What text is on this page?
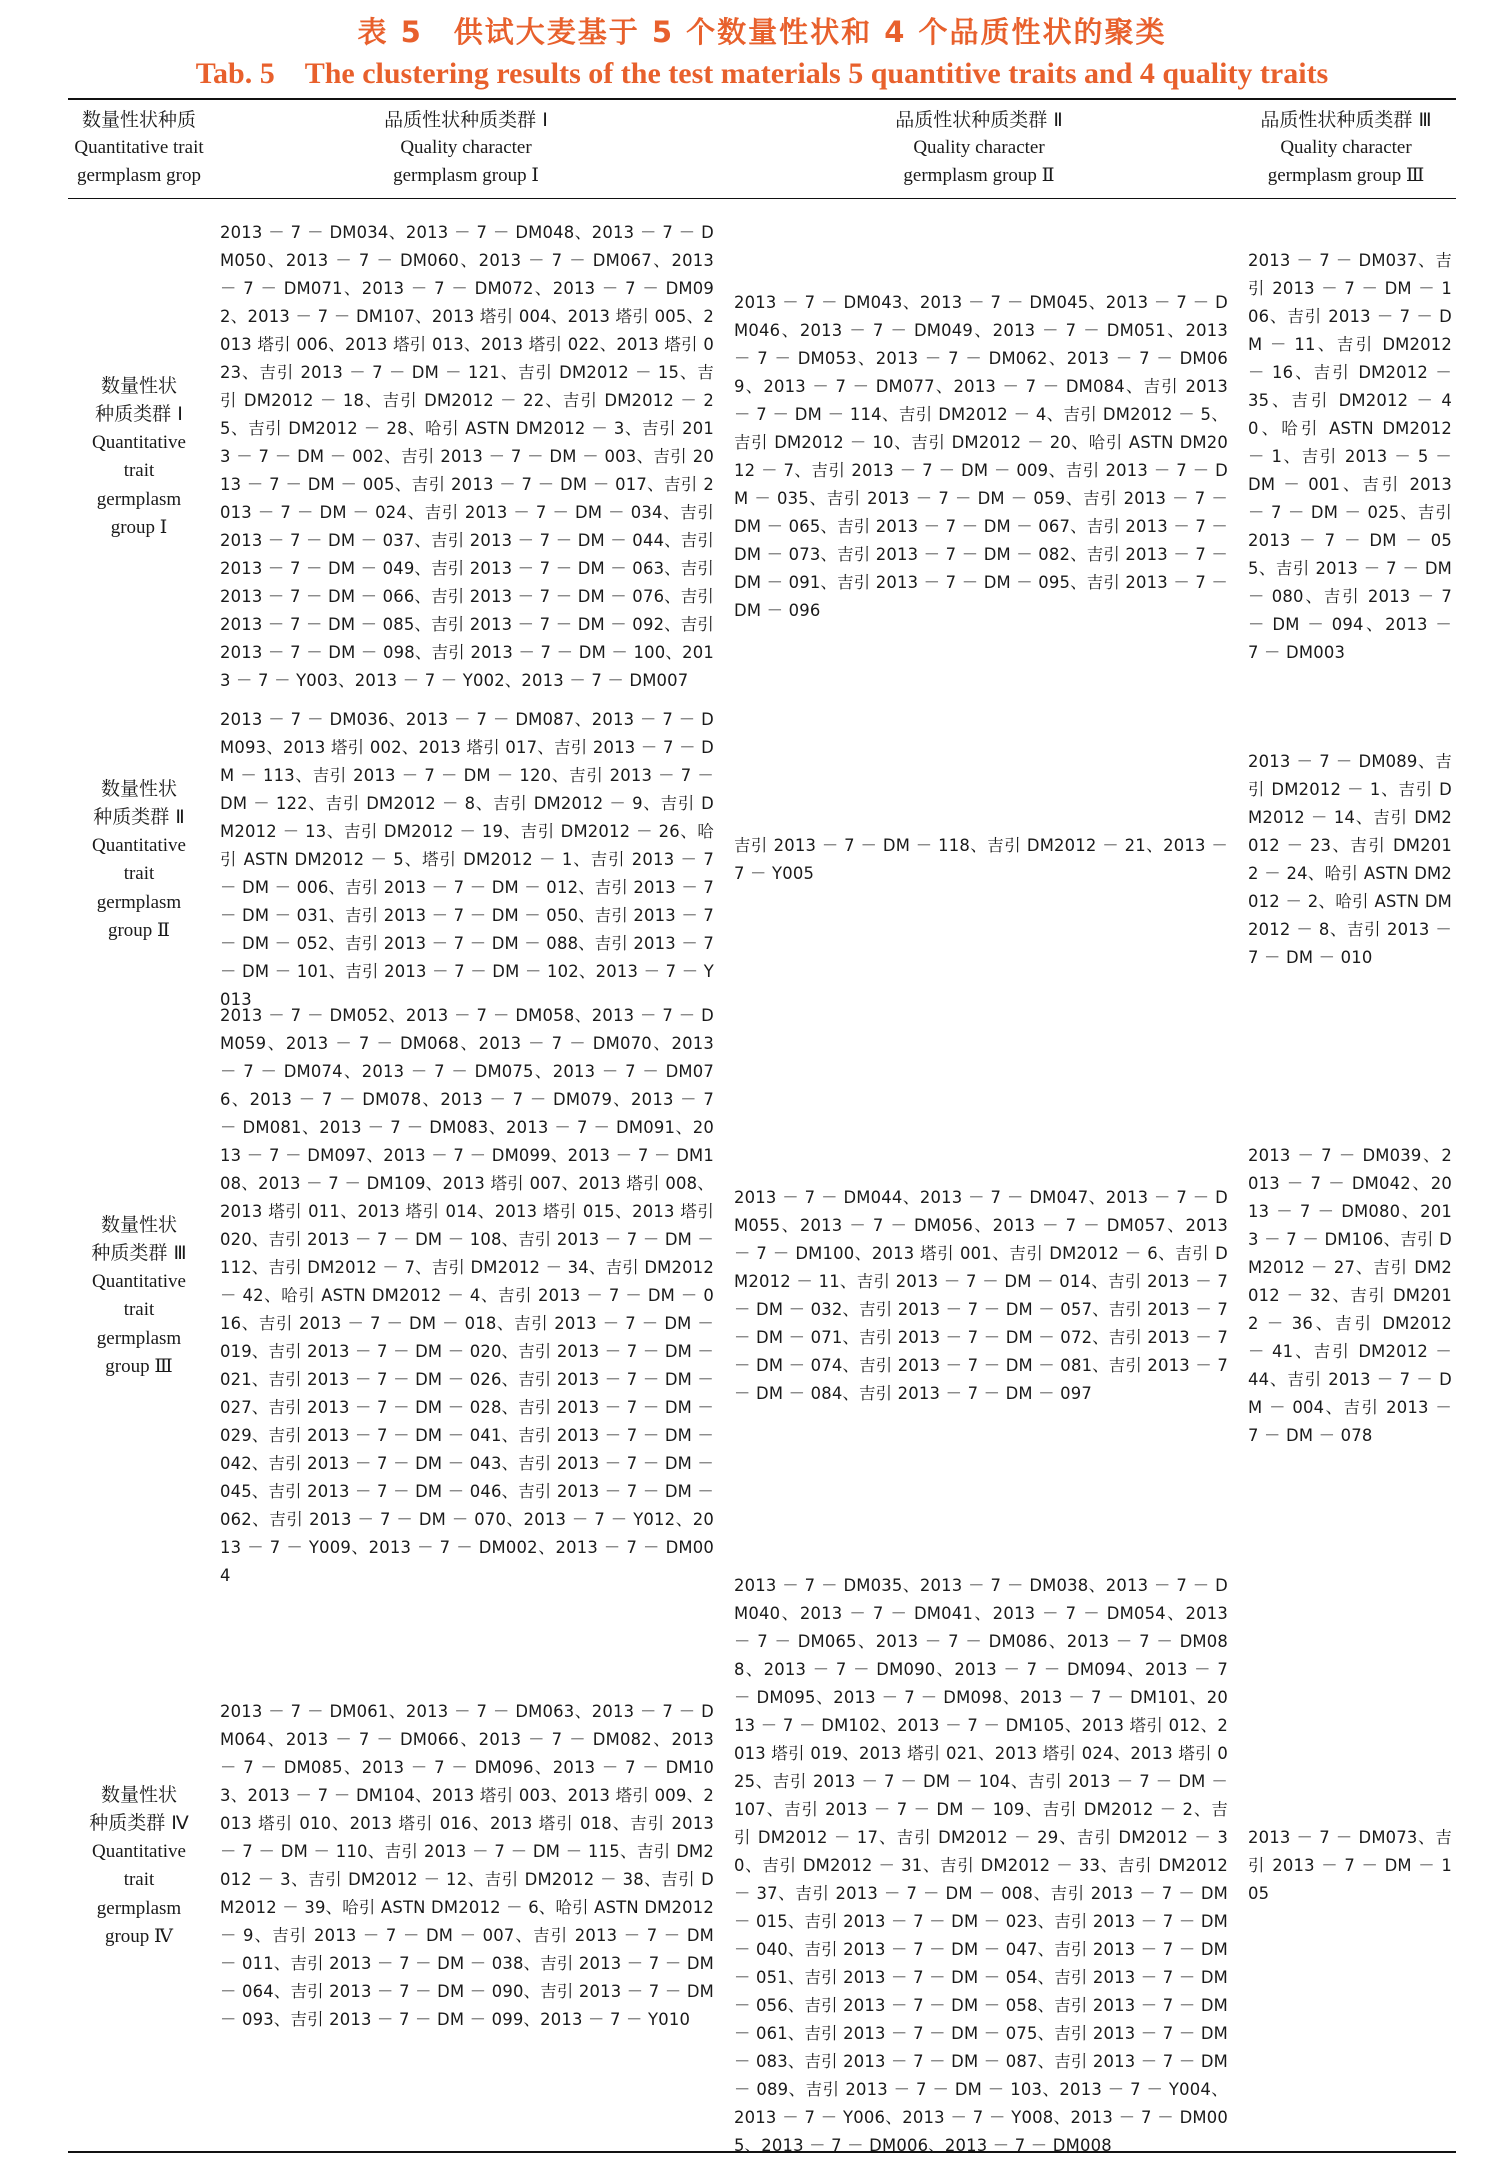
表 5　供试大麦基于 5 个数量性状和 4 个品质性状的聚类
Tab. 5　The clustering results of the test materials 5 quantitive traits and 4 quality traits
数量性状种质
Quantitative trait
germplasm grop
品质性状种质类群 Ⅰ
Quality character
germplasm group Ⅰ
品质性状种质类群 Ⅱ
Quality character
germplasm group Ⅱ
品质性状种质类群 Ⅲ
Quality character
germplasm group Ⅲ
数量性状
种质类群 Ⅰ
Quantitative
trait
germplasm
group Ⅰ
2013 － 7 － DM034、2013 － 7 － DM048、2013 － 7 － DM050、2013 － 7 － DM060、2013 － 7 － DM067、2013 － 7 － DM071、2013 － 7 － DM072、2013 － 7 － DM092、2013 － 7 － DM107、2013 塔引 004、2013 塔引 005、2013 塔引 006、2013 塔引 013、2013 塔引 022、2013 塔引 023、吉引 2013 － 7 － DM － 121、吉引 DM2012 － 15、吉引 DM2012 － 18、吉引 DM2012 － 22、吉引 DM2012 － 25、吉引 DM2012 － 28、哈引 ASTN DM2012 － 3、吉引 2013 － 7 － DM － 002、吉引 2013 － 7 － DM － 003、吉引 2013 － 7 － DM － 005、吉引 2013 － 7 － DM － 017、吉引 2013 － 7 － DM － 024、吉引 2013 － 7 － DM － 034、吉引 2013 － 7 － DM － 037、吉引 2013 － 7 － DM － 044、吉引 2013 － 7 － DM － 049、吉引 2013 － 7 － DM － 063、吉引 2013 － 7 － DM － 066、吉引 2013 － 7 － DM － 076、吉引 2013 － 7 － DM － 085、吉引 2013 － 7 － DM － 092、吉引 2013 － 7 － DM － 098、吉引 2013 － 7 － DM － 100、2013 － 7 － Y003、2013 － 7 － Y002、2013 － 7 － DM007
2013 － 7 － DM043、2013 － 7 － DM045、2013 － 7 － DM046、2013 － 7 － DM049、2013 － 7 － DM051、2013 － 7 － DM053、2013 － 7 － DM062、2013 － 7 － DM069、2013 － 7 － DM077、2013 － 7 － DM084、吉引 2013 － 7 － DM － 114、吉引 DM2012 － 4、吉引 DM2012 － 5、吉引 DM2012 － 10、吉引 DM2012 － 20、哈引 ASTN DM2012 － 7、吉引 2013 － 7 － DM － 009、吉引 2013 － 7 － DM － 035、吉引 2013 － 7 － DM － 059、吉引 2013 － 7 － DM － 065、吉引 2013 － 7 － DM － 067、吉引 2013 － 7 － DM － 073、吉引 2013 － 7 － DM － 082、吉引 2013 － 7 － DM － 091、吉引 2013 － 7 － DM － 095、吉引 2013 － 7 － DM － 096
2013 － 7 － DM037、吉引 2013 － 7 － DM － 106、吉引 2013 － 7 － DM － 11、吉引 DM2012 － 16、吉引 DM2012 － 35、吉引 DM2012 － 40、哈引 ASTN DM2012 － 1、吉引 2013 － 5 － DM － 001、吉引 2013 － 7 － DM － 025、吉引 2013 － 7 － DM － 055、吉引 2013 － 7 － DM － 080、吉引 2013 － 7 － DM － 094、2013 － 7 － DM003
数量性状
种质类群 Ⅱ
Quantitative
trait
germplasm
group Ⅱ
2013 － 7 － DM036、2013 － 7 － DM087、2013 － 7 － DM093、2013 塔引 002、2013 塔引 017、吉引 2013 － 7 － DM － 113、吉引 2013 － 7 － DM － 120、吉引 2013 － 7 － DM － 122、吉引 DM2012 － 8、吉引 DM2012 － 9、吉引 DM2012 － 13、吉引 DM2012 － 19、吉引 DM2012 － 26、哈引 ASTN DM2012 － 5、塔引 DM2012 － 1、吉引 2013 － 7 － DM － 006、吉引 2013 － 7 － DM － 012、吉引 2013 － 7 － DM － 031、吉引 2013 － 7 － DM － 050、吉引 2013 － 7 － DM － 052、吉引 2013 － 7 － DM － 088、吉引 2013 － 7 － DM － 101、吉引 2013 － 7 － DM － 102、2013 － 7 － Y013
吉引 2013 － 7 － DM － 118、吉引 DM2012 － 21、2013 － 7 － Y005
2013 － 7 － DM089、吉引 DM2012 － 1、吉引 DM2012 － 14、吉引 DM2012 － 23、吉引 DM2012 － 24、哈引 ASTN DM2012 － 2、哈引 ASTN DM2012 － 8、吉引 2013 － 7 － DM － 010
数量性状
种质类群 Ⅲ
Quantitative
trait
germplasm
group Ⅲ
2013 － 7 － DM052、2013 － 7 － DM058、2013 － 7 － DM059、2013 － 7 － DM068、2013 － 7 － DM070、2013 － 7 － DM074、2013 － 7 － DM075、2013 － 7 － DM076、2013 － 7 － DM078、2013 － 7 － DM079、2013 － 7 － DM081、2013 － 7 － DM083、2013 － 7 － DM091、2013 － 7 － DM097、2013 － 7 － DM099、2013 － 7 － DM108、2013 － 7 － DM109、2013 塔引 007、2013 塔引 008、2013 塔引 011、2013 塔引 014、2013 塔引 015、2013 塔引 020、吉引 2013 － 7 － DM － 108、吉引 2013 － 7 － DM － 112、吉引 DM2012 － 7、吉引 DM2012 － 34、吉引 DM2012 － 42、哈引 ASTN DM2012 － 4、吉引 2013 － 7 － DM － 016、吉引 2013 － 7 － DM － 018、吉引 2013 － 7 － DM － 019、吉引 2013 － 7 － DM － 020、吉引 2013 － 7 － DM － 021、吉引 2013 － 7 － DM － 026、吉引 2013 － 7 － DM － 027、吉引 2013 － 7 － DM － 028、吉引 2013 － 7 － DM － 029、吉引 2013 － 7 － DM － 041、吉引 2013 － 7 － DM － 042、吉引 2013 － 7 － DM － 043、吉引 2013 － 7 － DM － 045、吉引 2013 － 7 － DM － 046、吉引 2013 － 7 － DM － 062、吉引 2013 － 7 － DM － 070、2013 － 7 － Y012、2013 － 7 － Y009、2013 － 7 － DM002、2013 － 7 － DM004
2013 － 7 － DM044、2013 － 7 － DM047、2013 － 7 － DM055、2013 － 7 － DM056、2013 － 7 － DM057、2013 － 7 － DM100、2013 塔引 001、吉引 DM2012 － 6、吉引 DM2012 － 11、吉引 2013 － 7 － DM － 014、吉引 2013 － 7 － DM － 032、吉引 2013 － 7 － DM － 057、吉引 2013 － 7 － DM － 071、吉引 2013 － 7 － DM － 072、吉引 2013 － 7 － DM － 074、吉引 2013 － 7 － DM － 081、吉引 2013 － 7 － DM － 084、吉引 2013 － 7 － DM － 097
2013 － 7 － DM039、2013 － 7 － DM042、2013 － 7 － DM080、2013 － 7 － DM106、吉引 DM2012 － 27、吉引 DM2012 － 32、吉引 DM2012 － 36、吉引 DM2012 － 41、吉引 DM2012 － 44、吉引 2013 － 7 － DM － 004、吉引 2013 － 7 － DM － 078
数量性状
种质类群 Ⅳ
Quantitative
trait
germplasm
group Ⅳ
2013 － 7 － DM061、2013 － 7 － DM063、2013 － 7 － DM064、2013 － 7 － DM066、2013 － 7 － DM082、2013 － 7 － DM085、2013 － 7 － DM096、2013 － 7 － DM103、2013 － 7 － DM104、2013 塔引 003、2013 塔引 009、2013 塔引 010、2013 塔引 016、2013 塔引 018、吉引 2013 － 7 － DM － 110、吉引 2013 － 7 － DM － 115、吉引 DM2012 － 3、吉引 DM2012 － 12、吉引 DM2012 － 38、吉引 DM2012 － 39、哈引 ASTN DM2012 － 6、哈引 ASTN DM2012 － 9、吉引 2013 － 7 － DM － 007、吉引 2013 － 7 － DM － 011、吉引 2013 － 7 － DM － 038、吉引 2013 － 7 － DM － 064、吉引 2013 － 7 － DM － 090、吉引 2013 － 7 － DM － 093、吉引 2013 － 7 － DM － 099、2013 － 7 － Y010
2013 － 7 － DM035、2013 － 7 － DM038、2013 － 7 － DM040、2013 － 7 － DM041、2013 － 7 － DM054、2013 － 7 － DM065、2013 － 7 － DM086、2013 － 7 － DM088、2013 － 7 － DM090、2013 － 7 － DM094、2013 － 7 － DM095、2013 － 7 － DM098、2013 － 7 － DM101、2013 － 7 － DM102、2013 － 7 － DM105、2013 塔引 012、2013 塔引 019、2013 塔引 021、2013 塔引 024、2013 塔引 025、吉引 2013 － 7 － DM － 104、吉引 2013 － 7 － DM － 107、吉引 2013 － 7 － DM － 109、吉引 DM2012 － 2、吉引 DM2012 － 17、吉引 DM2012 － 29、吉引 DM2012 － 30、吉引 DM2012 － 31、吉引 DM2012 － 33、吉引 DM2012 － 37、吉引 2013 － 7 － DM － 008、吉引 2013 － 7 － DM － 015、吉引 2013 － 7 － DM － 023、吉引 2013 － 7 － DM － 040、吉引 2013 － 7 － DM － 047、吉引 2013 － 7 － DM － 051、吉引 2013 － 7 － DM － 054、吉引 2013 － 7 － DM － 056、吉引 2013 － 7 － DM － 058、吉引 2013 － 7 － DM － 061、吉引 2013 － 7 － DM － 075、吉引 2013 － 7 － DM － 083、吉引 2013 － 7 － DM － 087、吉引 2013 － 7 － DM － 089、吉引 2013 － 7 － DM － 103、2013 － 7 － Y004、2013 － 7 － Y006、2013 － 7 － Y008、2013 － 7 － DM005、2013 － 7 － DM006、2013 － 7 － DM008
2013 － 7 － DM073、吉引 2013 － 7 － DM － 105
